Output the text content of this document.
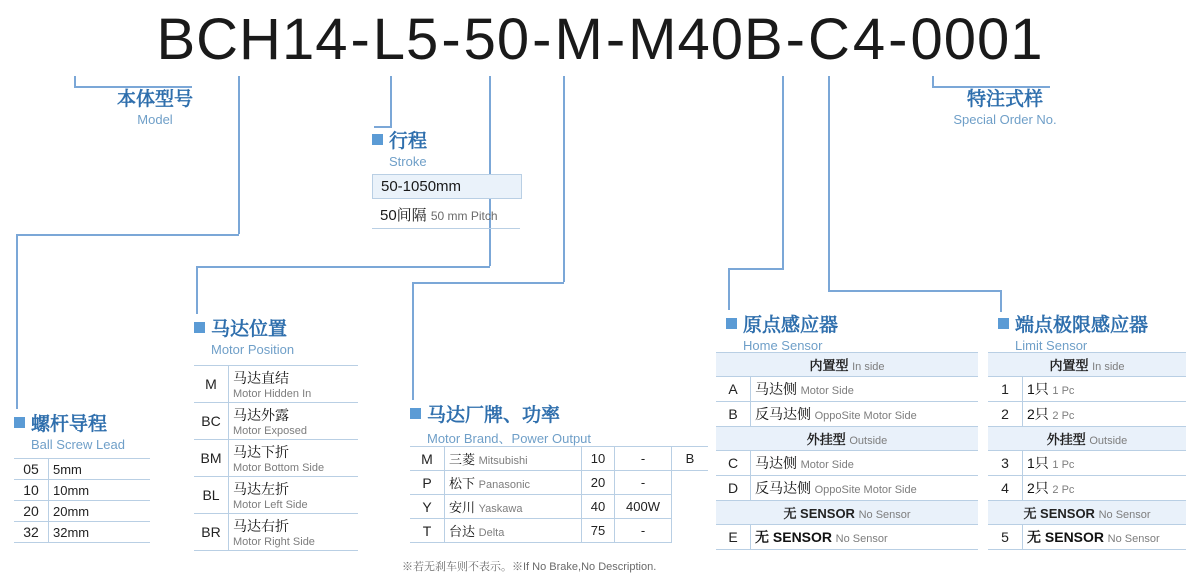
BCH14-L5-50-M-M40B-C4-0001
本体型号
Model
特注式样
Special Order No.
行程
Stroke
马达位置
Motor Position
马达厂牌、功率
Motor Brand、Power Output
原点感应器
Home Sensor
端点极限感应器
Limit Sensor
螺杆导程
Ball Screw Lead
50-1050mm
50间隔 50 mm Pitch
05	5mm
10	10mm
20	20mm
32	32mm
M	马达直结
Motor Hidden In

BC	马达外露
Motor Exposed

BM	马达下折
Motor Bottom Side

BL	马达左折
Motor Left Side

BR	马达右折
Motor Right Side
M	三菱 Mitsubishi	10	-	B
P	松下 Panasonic	20	-	
Y	安川 Yaskawa	40	400W	
T	台达 Delta	75	-	
※若无刹车则不表示。※If No Brake,No Description.
内置型 In side	
A	马达侧 Motor Side
B	反马达侧 OppoSite Motor Side
外挂型 Outside	
C	马达侧 Motor Side
D	反马达侧 OppoSite Motor Side
无 SENSOR No Sensor	
E	无 SENSOR No Sensor
内置型 In side	
1	1只 1 Pc
2	2只 2 Pc
外挂型 Outside	
3	1只 1 Pc
4	2只 2 Pc
无 SENSOR No Sensor	
5	无 SENSOR No Sensor
